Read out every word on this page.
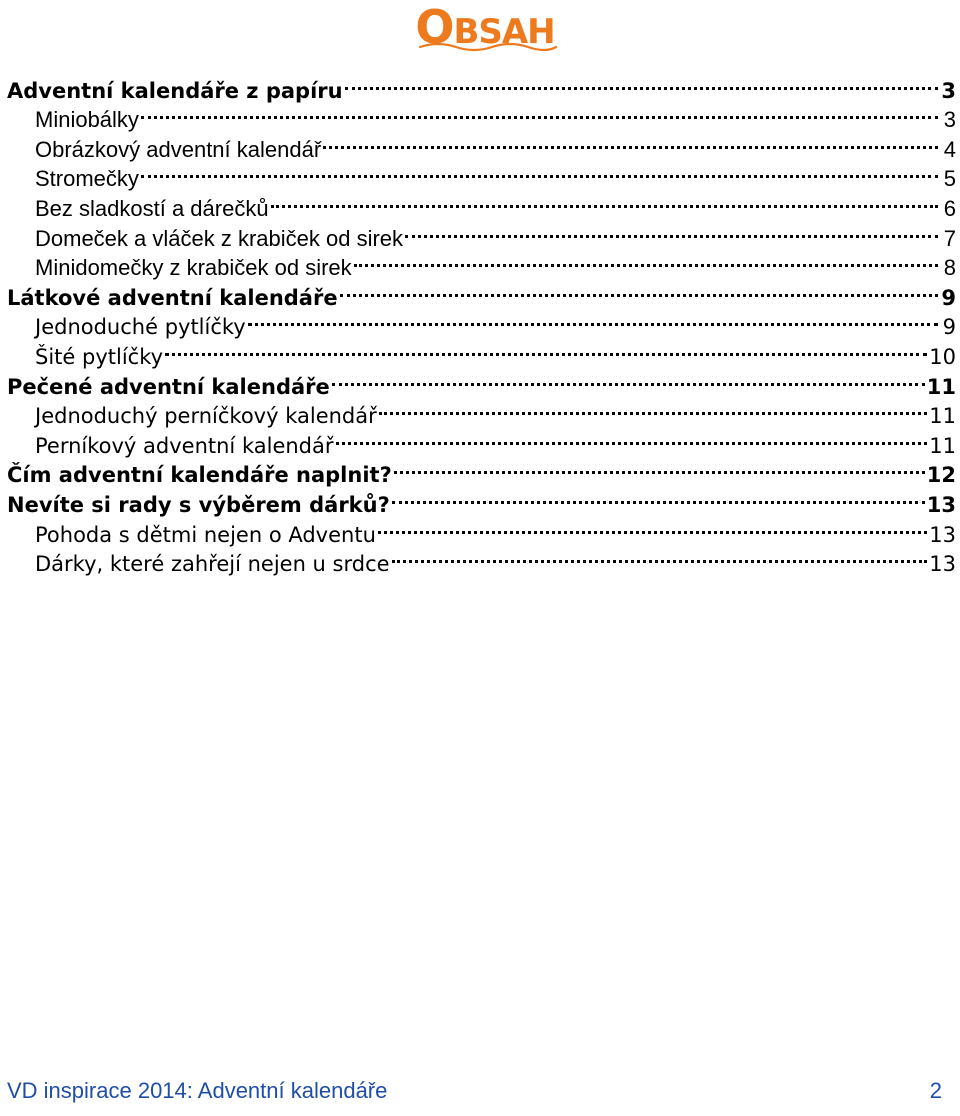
OBSAH
Adventní kalendáře z papíru	3
Miniobálky	3
Obrázkový adventní kalendář	4
Stromečky	5
Bez sladkostí a dárečků	6
Domeček a vláček z krabiček od sirek	7
Minidomečky z krabiček od sirek	8
Látkové adventní kalendáře	9
Jednoduché pytlíčky	9
Šité pytlíčky	10
Pečené adventní kalendáře	11
Jednoduchý perníčkový kalendář	11
Perníkový adventní kalendář	11
Čím adventní kalendáře naplnit?	12
Nevíte si rady s výběrem dárků?	13
Pohoda s dětmi nejen o Adventu	13
Dárky, které zahřejí nejen u srdce	13
VD inspirace 2014: Adventní kalendáře	2
